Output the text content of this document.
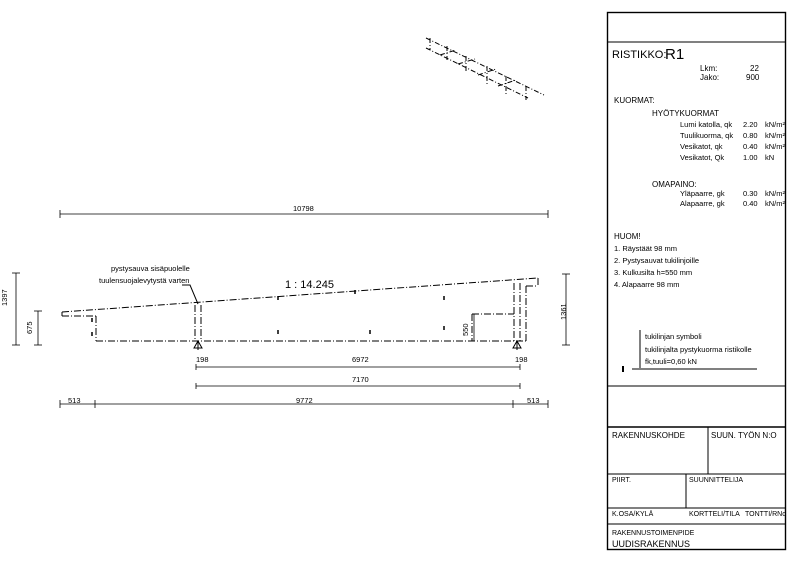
RISTIKKO:
R1
Lkm:	22
Jako:	900
KUORMAT:
HYÖTYKUORMAT
Lumi katolla, qk 2.20 kN/m²
Tuulikuorma, qk 0.80 kN/m²
Vesikatot, qk	0.40 kN/m²
Vesikatot, Qk	1.00 kN
OMAPAINO:
Yläpaarre, gk 0.30 kN/m²
Alapaarre, gk 0.40 kN/m²
HUOM!
1. Räystäät 98 mm
2. Pystysauvat tukilinjoille
3. Kulkusilta h=550 mm
4. Alapaarre 98 mm
tukilinjan symboli
tukilinjalta pystykuorma ristikolle
fk,tuuli=0,60 kN
RAKENNUSKOHDE	SUUN. TYÖN N:O
PIIRT.	SUUNNITTELIJA
K.OSA/KYLÄ	KORTTELI/TILA TONTTI/RNo
RAKENNUSTOIMENPIDE
UUDISRAKENNUS
pystysauva sisäpuolelle
tuulensuojalevytystä varten	1 : 14.245
10798
198	198
6972
7170
513	9772	513
1397
675
1361
550
